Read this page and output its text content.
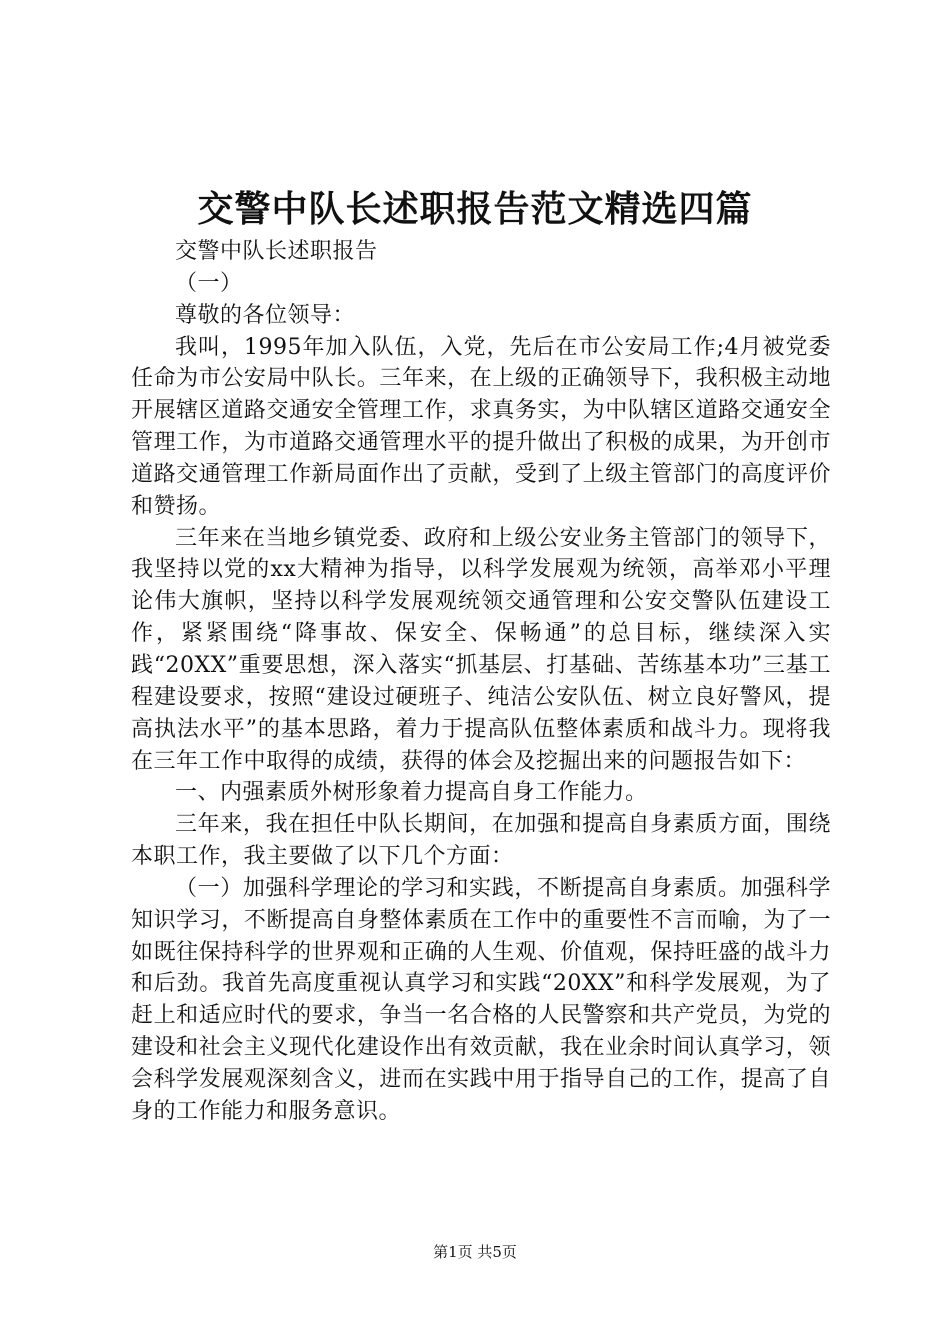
交警中队长述职报告范文精选四篇

交警中队长述职报告

（一）

尊敬的各位领导：

我叫，1995年加入队伍，入党，先后在市公安局工作;4月被党委任命为市公安局中队长。三年来，在上级的正确领导下，我积极主动地开展辖区道路交通安全管理工作，求真务实，为中队辖区道路交通安全管理工作，为市道路交通管理水平的提升做出了积极的成果，为开创市道路交通管理工作新局面作出了贡献，受到了上级主管部门的高度评价和赞扬。

三年来在当地乡镇党委、政府和上级公安业务主管部门的领导下，我坚持以党的xx大精神为指导，以科学发展观为统领，高举邓小平理论伟大旗帜，坚持以科学发展观统领交通管理和公安交警队伍建设工作，紧紧围绕“降事故、保安全、保畅通”的总目标，继续深入实践“20XX”重要思想，深入落实“抓基层、打基础、苦练基本功”三基工程建设要求，按照“建设过硬班子、纯洁公安队伍、树立良好警风，提高执法水平”的基本思路，着力于提高队伍整体素质和战斗力。现将我在三年工作中取得的成绩，获得的体会及挖掘出来的问题报告如下：

一、内强素质外树形象着力提高自身工作能力。

三年来，我在担任中队长期间，在加强和提高自身素质方面，围绕本职工作，我主要做了以下几个方面：

（一）加强科学理论的学习和实践，不断提高自身素质。加强科学知识学习，不断提高自身整体素质在工作中的重要性不言而喻，为了一如既往保持科学的世界观和正确的人生观、价值观，保持旺盛的战斗力和后劲。我首先高度重视认真学习和实践“20XX”和科学发展观，为了赶上和适应时代的要求，争当一名合格的人民警察和共产党员，为党的建设和社会主义现代化建设作出有效贡献，我在业余时间认真学习，领会科学发展观深刻含义，进而在实践中用于指导自己的工作，提高了自身的工作能力和服务意识。

第1页 共5页
